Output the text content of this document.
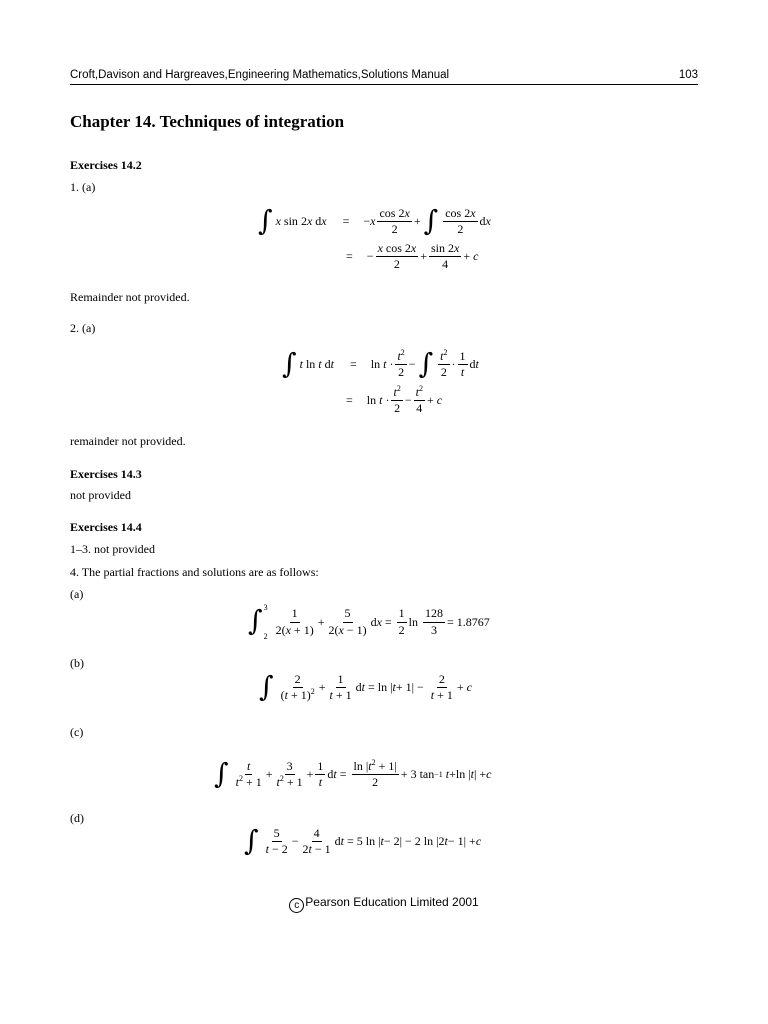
Croft,Davison and Hargreaves,Engineering Mathematics,Solutions Manual	103
Chapter 14. Techniques of integration
Exercises 14.2
1. (a)
∫ x
sin 2 x
d x = − x $\frac{\cos 2x}{2}$ + ∫ $\frac{\cos 2x}{2}$ d x
= − $\frac{\text{x cos 2x}}{2} + \frac{\sin 2x}{4} + c$
Remainder not provided.
2. (a)
∫ t
ln
t
d t = ln
$t \cdot \frac{t^2}{2}$ − ∫ $\frac{t^2}{2} \cdot \frac{1}{t}$ d t
= ln
$t \cdot \frac{t^2}{2} - \frac{t^2}{4} + c$
remainder not provided.
Exercises 14.3
not provided
Exercises 14.4
1–3. not provided
4. The partial fractions and solutions are as follows:
(a)
∫ 3
$2 \frac{1}{2(x + 1)} + \frac{5}{2(x - 1)}$ d $x = \frac{1}{2}$ ln
$\frac{128}{3} = 1.8767$
(b)
∫ $\frac{2}{(t + 1)^2} + \frac{1}{t + 1}$ d t = ln | $t + 1| - \frac{2}{t + 1} + c$
(c)
∫ $\frac{t}{t^2 + 1} + \frac{3}{t^2 + 1} + \frac{1}{t}$ d $t = \frac{\ln |t^2 + 1|}{2} + 3$ tan −1
t + ln | t | + c
(d)
∫ $\frac{5}{t - 2} - \frac{4}{2t - 1}$ d t = 5 ln | t − 2| − 2 ln |2 t − 1| + c
c Pearson Education Limited 2001
